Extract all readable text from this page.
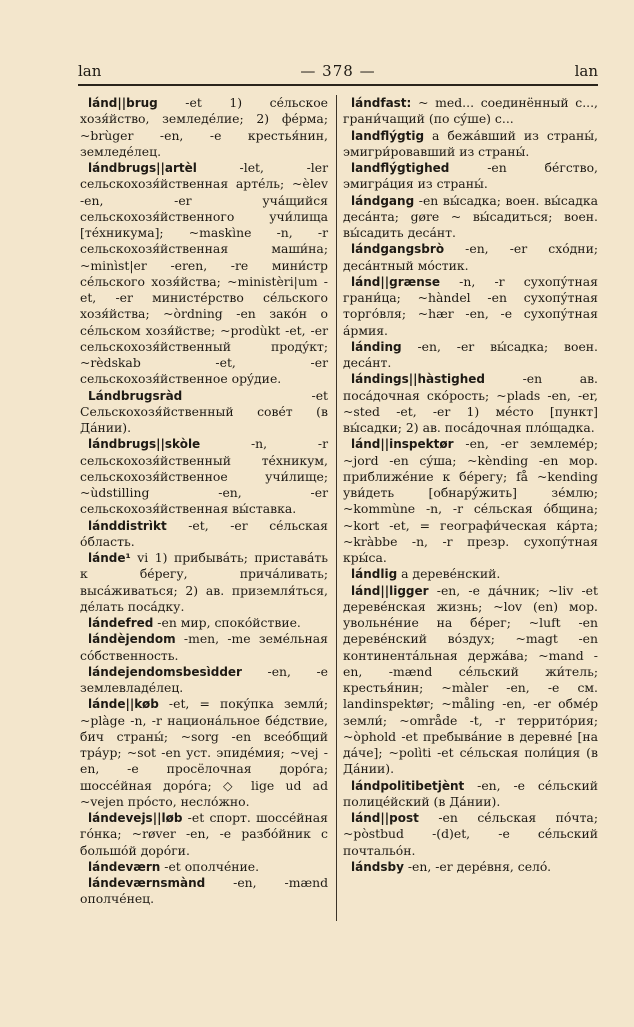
lan	— 378 —	lan

lánd||brug -et 1) сéльское хозя́йство, земледéлие; 2) фéрма; ~brùger -en, -e крестья́нин, земледéлец.

lándbrugs||artèl -let, -ler сельскохозя́йственная артéль; ~èlev -en, -er уча́щийся сельскохозя́йственного учи́лища [тéхникума]; ~maskìne -n, -r сельскохозя́йственная маши́на; ~minìst|er -eren, -re мини́стр сéльского хозя́йства; ~ministèri|um -et, -er министéрство сéльского хозя́йства; ~òrdning -en закóн о сéльском хозя́йстве; ~prodùkt -et, -er сельскохозя́йственный продýкт; ~rèdskab -et, -er сельскохозя́йственное орýдие.

Lándbrugsràd -et Сельскохозя́йственный совéт (в Дáнии).

lándbrugs||skòle -n, -r сельскохозя́йственный тéхникум, сельскохозя́йственное учи́лище; ~ùdstilling -en, -er сельскохозя́йственная вы́ставка.

lánddistrìkt -et, -er сéльская óбласть.

lánde¹ vi 1) прибывáть; приставáть к бéрегу, причáливать; высáживаться; 2) ав. приземля́ться, дéлать посáдку.

lándefred -en мир, спокóйствие.

lándèjendom -men, -me земéльная сóбственность.

lándejendomsbesìdder -en, -e землевладéлец.

lánde||køb -et, = покýпка земли́; ~plàge -n, -r национáльное бéдствие, бич страны́; ~sorg -en всеóбщий трáур; ~sot -en уст. эпидéмия; ~vej -en, -e просёлочная дорóга; шоссéйная дорóга; ◇ lige ud ad ~vejen прóсто, несло́жно.

lándevejs||løb -et спорт. шоссéйная гóнка; ~røver -en, -e разбóйник с большóй дорóги.

lándeværn -et ополчéние.

lándeværnsmànd -en, -mænd ополчéнец.

lándfast: ~ med... соединённый с..., грани́чащий (по сýше) с...

landflýgtig a бежáвший из страны́, эмигри́ровавший из страны́.

landflýgtighed -en бéгство, эмигрáция из страны́.

lándgang -en вы́садка; воен. вы́садка десáнта; gøre ~ вы́садиться; воен. вы́садить десáнт.

lándgangsbrò -en, -er схóдни; десáнтный мóстик.

lánd||grænse -n, -r сухопýтная грани́ца; ~hàndel -en сухопýтная торгóвля; ~hær -en, -e сухопýтная áрмия.

lánding -en, -er вы́садка; воен. десáнт.

lándings||hàstighed -en ав. посáдочная скóрость; ~plads -en, -er, ~sted -et, -er 1) мéсто [пункт] вы́садки; 2) ав. посáдочная плóщадка.

lánd||inspektør -en, -er землемéр; ~jord -en сýша; ~kènding -en мор. приближéние к бéрегу; få ~kending уви́деть [обнарýжить] зéмлю; ~kommùne -n, -r сéльская óбщина; ~kort -et, = географи́ческая кáрта; ~kràbbe -n, -r презр. сухопýтная кры́са.

lándlig a деревéнский.

lánd||ligger -en, -e дáчник; ~liv -et деревéнская жизнь; ~lov (en) мор. увольнéние на бéрег; ~luft -en деревéнский вóздух; ~magt -en континентáльная держáва; ~mand -en, -mænd сéльский жи́тель; крестья́нин; ~màler -en, -e см. landinspektør; ~måling -en, -er обмéр земли́; ~område -t, -r террито́рия; ~òphold -et пребывáние в деревнé [на дáче]; ~polìti -et сéльская поли́ция (в Дáнии).

lándpolitibetjènt -en, -e сéльский полицéйский (в Дáнии).

lánd||post -en сéльская пóчта; ~pòstbud -(d)et, -e сéльский почтальóн.

lándsby -en, -er дерéвня, селó.
